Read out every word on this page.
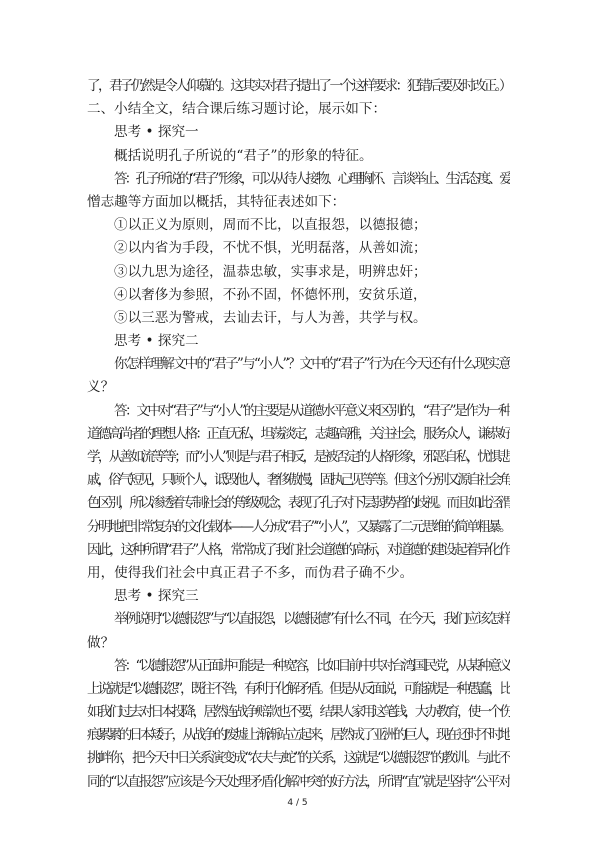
了，君子仍然是令人仰慕的。这其实对君子提出了一个这样要求：犯错后要及时改正。）
二、小结全文，结合课后练习题讨论，展示如下：
思考 • 探究一
概括说明孔子所说的“君子”的形象的特征。
答：孔子所说的“君子”形象，可以从待人接物、心理胸怀、言谈举止、生活态度、爱
憎志趣等方面加以概括，其特征表述如下：
①以正义为原则，周而不比，以直报怨，以德报德；
②以内省为手段，不忧不惧，光明磊落，从善如流；
③以九思为途径，温恭忠敏，实事求是，明辨忠奸；
④以奢侈为参照，不孙不固，怀德怀刑，安贫乐道，
⑤以三恶为警戒，去讪去讦，与人为善，共学与权。
思考 • 探究二
你怎样理解文中的“君子”与“小人”？文中的“君子”行为在今天还有什么现实意
义？
答：文中对“君子”与“小人”的主要是从道德水平意义来区别的，“君子”是作为一种
道德高尚者的理想人格：正直无私，坦荡淡定，志趣高雅，关注社会，服务众人，谦恭好
学，从善如流等等；而“小人”则是与君子相反，是被否定的人格形象，邪恶自私，忧惧悲
戚，俗气短见，只顾个人，诋毁他人，奢侈傲慢，固执己见等等。但这个分别又源自社会角
色区别，所以渗透着专制社会的等级观念，表现了孔子对下层弱势者的歧视。而且如此泾渭
分明地把非常复杂的文化载体——人分成“君子”“小人”，又暴露了二元思维的简单粗暴。
因此，这种所谓“君子”人格，常常成了我们社会道德的高标，对道德的建设起着异化作
用，使得我们社会中真正君子不多，而伪君子确不少。
思考 • 探究三
举例说明“以德报怨”与“以直报怨，以德报德”有什么不同，在今天，我们应该怎样
做？
答：“以德报怨”从正面讲可能是一种宽容，比如目前中共对台湾国民党，从某种意义
上说就是“以德报怨”，既往不咎，有利于化解矛盾。但是从反面说，可能就是一种愚蠢，比
如我们过去对日本投降，居然连战争赔款也不要，结果人家用这笔钱，大办教育，使一个伤
痕累累的日本矮子，从战争的废墟上渐渐站立起来，居然成了亚洲的巨人，现在还时不时地
挑衅你，把今天中日关系演变成“农夫与蛇”的关系，这就是“以德报怨”的教训。与此不
同的“以直报怨”应该是今天处理矛盾化解冲突的好方法，所谓“直”就是坚持“公平对
4 / 5
